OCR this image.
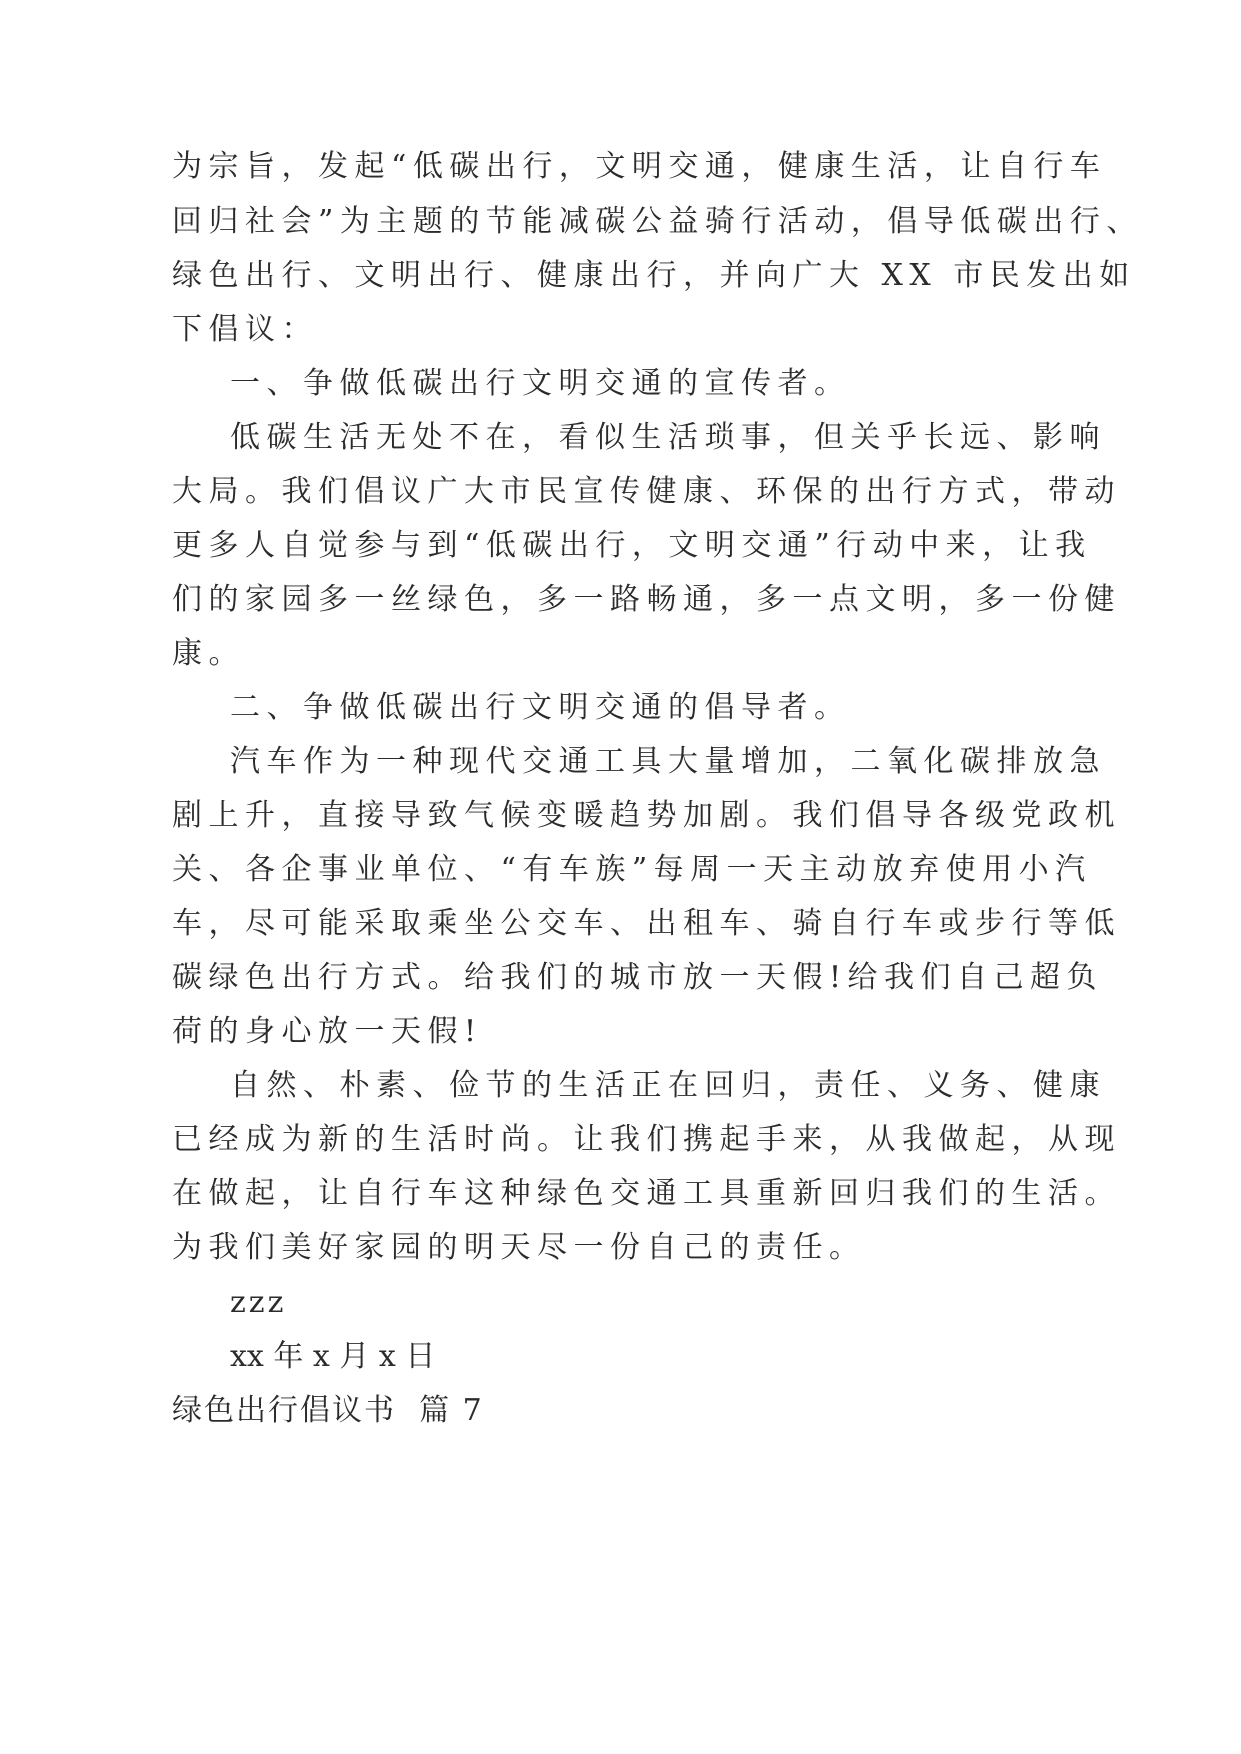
为宗旨，发起“低碳出行，文明交通，健康生活，让自行车
回归社会”为主题的节能减碳公益骑行活动，倡导低碳出行、
绿色出行、文明出行、健康出行，并向广大 XX 市民发出如
下倡议：
一、争做低碳出行文明交通的宣传者。
低碳生活无处不在，看似生活琐事，但关乎长远、影响
大局。我们倡议广大市民宣传健康、环保的出行方式，带动
更多人自觉参与到“低碳出行，文明交通”行动中来，让我
们的家园多一丝绿色，多一路畅通，多一点文明，多一份健
康。
二、争做低碳出行文明交通的倡导者。
汽车作为一种现代交通工具大量增加，二氧化碳排放急
剧上升，直接导致气候变暖趋势加剧。我们倡导各级党政机
关、各企事业单位、“有车族”每周一天主动放弃使用小汽
车，尽可能采取乘坐公交车、出租车、骑自行车或步行等低
碳绿色出行方式。给我们的城市放一天假!给我们自己超负
荷的身心放一天假!
自然、朴素、俭节的生活正在回归，责任、义务、健康
已经成为新的生活时尚。让我们携起手来，从我做起，从现
在做起，让自行车这种绿色交通工具重新回归我们的生活。
为我们美好家园的明天尽一份自己的责任。
zzz
xx 年 x 月 x 日
绿色出行倡议书  篇 7
